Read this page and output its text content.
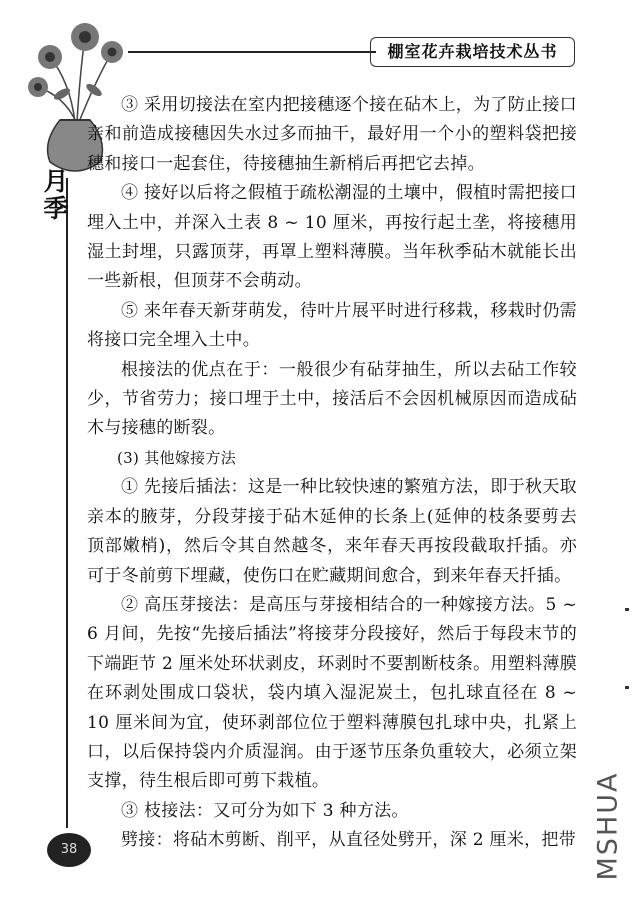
棚室花卉栽培技术丛书
月季

③ 采用切接法在室内把接穗逐个接在砧木上，为了防止接口亲和前造成接穗因失水过多而抽干，最好用一个小的塑料袋把接穗和接口一起套住，待接穗抽生新梢后再把它去掉。

④ 接好以后将之假植于疏松潮湿的土壤中，假植时需把接口埋入土中，并深入土表 8 ~ 10 厘米，再按行起土垄，将接穗用湿土封埋，只露顶芽，再罩上塑料薄膜。当年秋季砧木就能长出一些新根，但顶芽不会萌动。

⑤ 来年春天新芽萌发，待叶片展平时进行移栽，移栽时仍需将接口完全埋入土中。

根接法的优点在于：一般很少有砧芽抽生，所以去砧工作较少，节省劳力；接口埋于土中，接活后不会因机械原因而造成砧木与接穗的断裂。

(3) 其他嫁接方法

① 先接后插法：这是一种比较快速的繁殖方法，即于秋天取亲本的腋芽，分段芽接于砧木延伸的长条上(延伸的枝条要剪去顶部嫩梢)，然后令其自然越冬，来年春天再按段截取扦插。亦可于冬前剪下埋藏，使伤口在贮藏期间愈合，到来年春天扦插。

② 高压芽接法：是高压与芽接相结合的一种嫁接方法。5 ~ 6 月间，先按“先接后插法”将接芽分段接好，然后于每段末节的下端距节 2 厘米处环状剥皮，环剥时不要割断枝条。用塑料薄膜在环剥处围成口袋状，袋内填入湿泥炭土，包扎球直径在 8 ~ 10 厘米间为宜，使环剥部位位于塑料薄膜包扎球中央，扎紧上口，以后保持袋内介质湿润。由于逐节压条负重较大，必须立架支撑，待生根后即可剪下栽植。

③ 枝接法：又可分为如下 3 种方法。

劈接：将砧木剪断、削平，从直径处劈开，深 2 厘米，把带

38	MSHUA
